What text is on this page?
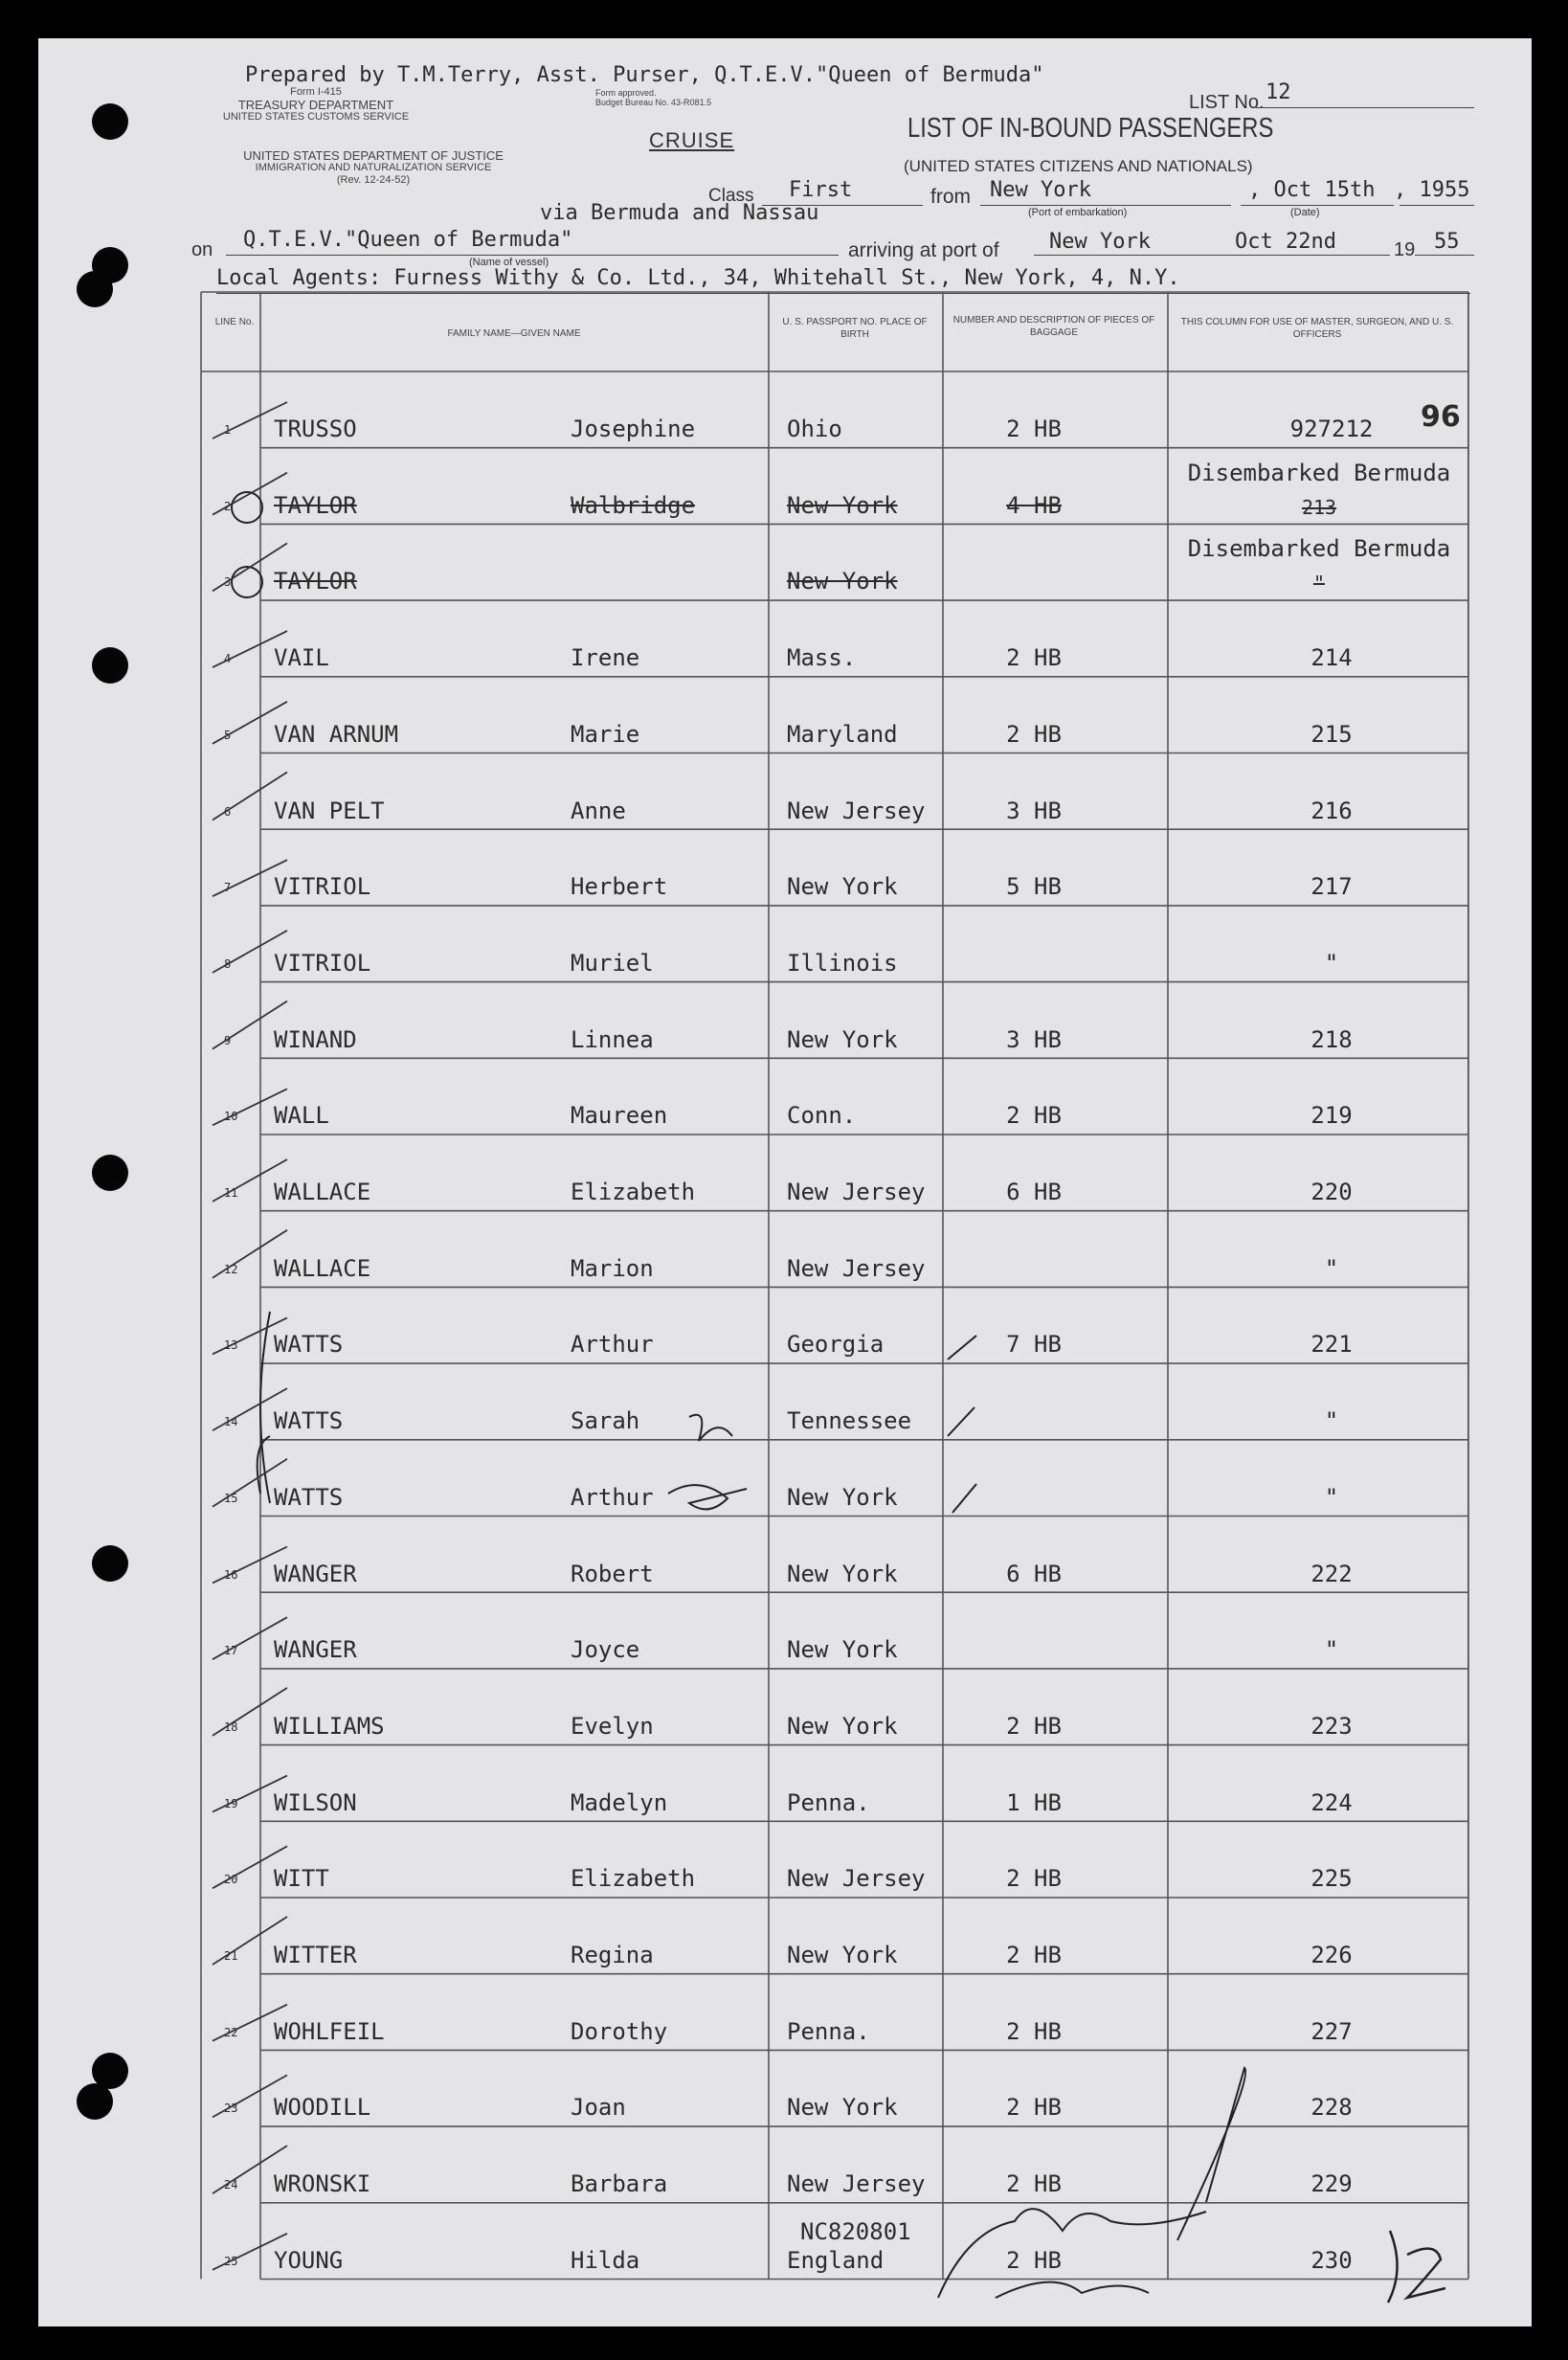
Prepared by T.M.Terry, Asst. Purser, Q.T.E.V."Queen of Bermuda"
Form I-415
TREASURY DEPARTMENT
UNITED STATES CUSTOMS SERVICE
Form approved.
Budget Bureau No. 43-R081.5
UNITED STATES DEPARTMENT OF JUSTICE
IMMIGRATION AND NATURALIZATION SERVICE
(Rev. 12-24-52)
CRUISE
LIST No. 12
LIST OF IN-BOUND PASSENGERS
(UNITED STATES CITIZENS AND NATIONALS)
Class First	from New York
(Port of embarkation)
, Oct 15th , 1955
(Date)
via Bermuda and Nassau
on Q.T.E.V."Queen of Bermuda"
(Name of vessel)
arriving at port of New York	Oct 22nd	19 55
Local Agents: Furness Withy & Co. Ltd., 34, Whitehall St., New York, 4, N.Y.
LINE No.
FAMILY NAME—GIVEN NAME
U. S. PASSPORT NO. PLACE OF BIRTH
NUMBER AND DESCRIPTION OF PIECES OF BAGGAGE
THIS COLUMN FOR USE OF MASTER, SURGEON, AND U. S. OFFICERS
96
1 TRUSSO	Josephine	Ohio	2 HB	927212
2 TAYLOR	Walbridge	New York	4 HB
Disembarked Bermuda
213
3 TAYLOR	New York
Disembarked Bermuda
"
4 VAIL	Irene	Mass.	2 HB	214
5 VAN ARNUM	Marie	Maryland	2 HB	215
6 VAN PELT	Anne	New Jersey	3 HB	216
7 VITRIOL	Herbert	New York	5 HB	217
8 VITRIOL	Muriel	Illinois	"
9 WINAND	Linnea	New York	3 HB	218
10 WALL	Maureen	Conn.	2 HB	219
11 WALLACE	Elizabeth	New Jersey	6 HB	220
12 WALLACE	Marion	New Jersey	"
13 WATTS	Arthur	Georgia	7 HB	221
14 WATTS	Sarah	Tennessee	"
15 WATTS	Arthur	New York	"
16 WANGER	Robert	New York	6 HB	222
17 WANGER	Joyce	New York	"
18 WILLIAMS	Evelyn	New York	2 HB	223
19 WILSON	Madelyn	Penna.	1 HB	224
20 WITT	Elizabeth	New Jersey	2 HB	225
21 WITTER	Regina	New York	2 HB	226
22 WOHLFEIL	Dorothy	Penna.	2 HB	227
23 WOODILL	Joan	New York	2 HB	228
24 WRONSKI	Barbara	New Jersey	2 HB	229
25 YOUNG	Hilda
NC820801
England	2 HB	230
